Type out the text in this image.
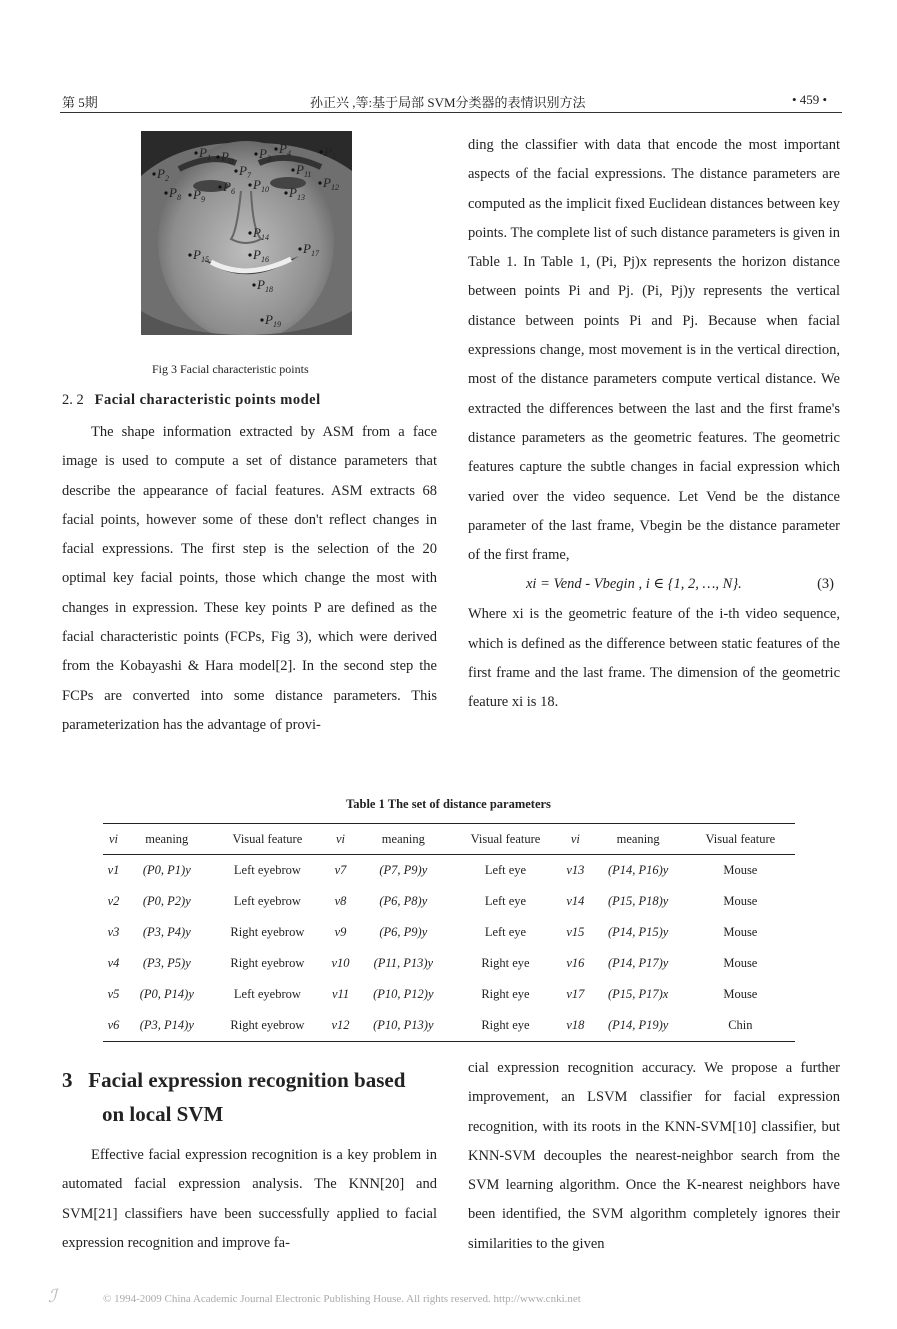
第 5期	孙正兴 ,等:基于局部 SVM分类器的表情识别方法	• 459 •
$P_1$ $P_0$
$P_3$
$P_4$	$P_5$
$P_2$
$P_{11}$
$P_{12}$
$P_8$ $P_9$
$P_6$ $P_{10}$ $P_{13}$
$P_{14}$
$P_{15}$	$P_{16}$
$P_{17}$
$P_{18}$
$P_{19}$
$P_7$
Fig 3 Facial characteristic points
2. 2 Facial characteristic points model

The shape information extracted by ASM from a face image is used to compute a set of distance parameters that describe the appearance of facial features. ASM extracts 68 facial points, however some of these don't reflect changes in facial expressions. The first step is the selection of the 20 optimal key facial points, those which change the most with changes in expression. These key points P are defined as the facial characteristic points (FCPs, Fig 3), which were derived from the Kobayashi & Hara model[2]. In the second step the FCPs are converted into some distance parameters. This parameterization has the advantage of provi-

ding the classifier with data that encode the most important aspects of the facial expressions. The distance parameters are computed as the implicit fixed Euclidean distances between key points. The complete list of such distance parameters is given in Table 1. In Table 1, (Pi, Pj)x represents the horizon distance between points Pi and Pj. (Pi, Pj)y represents the vertical distance between points Pi and Pj. Because when facial expressions change, most movement is in the vertical direction, most of the distance parameters compute vertical distance. We extracted the differences between the last and the first frame's distance parameters as the geometric features. The geometric features capture the subtle changes in facial expression which varied over the video sequence. Let Vend be the distance parameter of the last frame, Vbegin be the distance parameter of the first frame,

xi = Vend - Vbegin , i ∈ {1, 2, …, N}.	(3)

Where xi is the geometric feature of the i-th video sequence, which is defined as the difference between static features of the first frame and the last frame. The dimension of the geometric feature xi is 18.

Table 1 The set of distance parameters
vi	meaning	Visual feature	vi	meaning	Visual feature	vi	meaning	Visual feature
v1	(P0, P1)y	Left eyebrow	v7	(P7, P9)y	Left eye	v13	(P14, P16)y	Mouse
v2	(P0, P2)y	Left eyebrow	v8	(P6, P8)y	Left eye	v14	(P15, P18)y	Mouse
v3	(P3, P4)y	Right eyebrow	v9	(P6, P9)y	Left eye	v15	(P14, P15)y	Mouse
v4	(P3, P5)y	Right eyebrow	v10	(P11, P13)y	Right eye	v16	(P14, P17)y	Mouse
v5	(P0, P14)y	Left eyebrow	v11	(P10, P12)y	Right eye	v17	(P15, P17)x	Mouse
v6	(P3, P14)y	Right eyebrow	v12	(P10, P13)y	Right eye	v18	(P14, P19)y	Chin
3 Facial expression recognition based
on local SVM

Effective facial expression recognition is a key problem in automated facial expression analysis. The KNN[20] and SVM[21] classifiers have been successfully applied to facial expression recognition and improve fa-

cial expression recognition accuracy. We propose a further improvement, an LSVM classifier for facial expression recognition, with its roots in the KNN-SVM[10] classifier, but KNN-SVM decouples the nearest-neighbor search from the SVM learning algorithm. Once the K-nearest neighbors have been identified, the SVM algorithm completely ignores their similarities to the given

ℐ	© 1994-2009 China Academic Journal Electronic Publishing House. All rights reserved. http://www.cnki.net
